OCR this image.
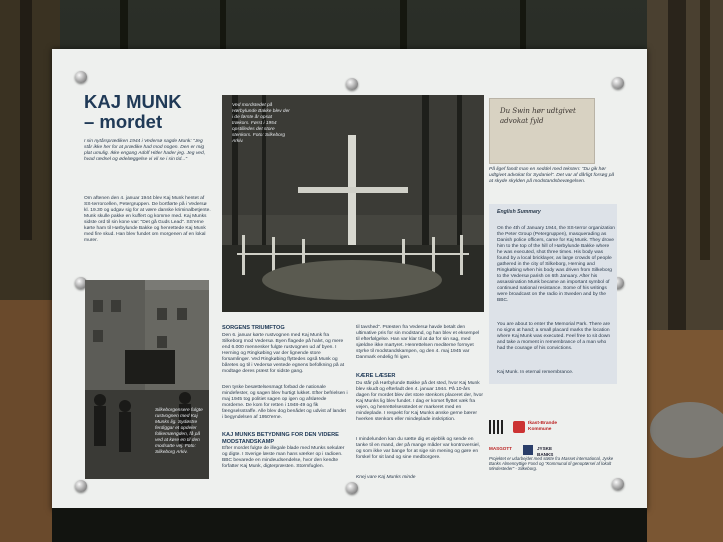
KAJ MUNK
– mordet
I sin nytårsprædiken 1944 i Vedersø sagde Munk: "Jeg står ikke her for at prædike had mod nogen. Den er mig plat umulig. Ikke engang Adolf Hitler hader jeg. Jeg ved, hvad rædsel og ødelæggelse vi vil se i sin tid..."
Om aftenen den 4. januar 1944 blev Kaj Munk hentet af SS-terrorcellen, Petergruppen. De bortførte på i Vedersø kl. 19.30 og udgav sig for at være danske kriminalbetjente. Munk skulle pakke en kuffert og komme med. Kaj Munks sidste ord til sin kone var: "Det gå Guds Lead". SS'erne kørte ham til Hørbylunde Bakke og henrettede Kaj Munk med fire skud. Han blev fundet om morgenen af en lokal murer.
Ved mordstedet på Hørbylunde Bakke blev der i de første år opsat trækors. Først i 1954 opstilledes det store stenkors. Foto: Silkeborg Arkiv.
Du Swin hør udtgivet advokat fyld
På ligef fandt man en seddel med teksten: "Du gik hør udtgivet advokat for Sydaniel". Det var af dårligt forsøg på at skyde skylden på modstandsbevægelsen.
English Summary
On the 4th of January 1944, the SS-terror organization the Peter Group (Petergruppen), masquerading as Danish police officers, came for Kaj Munk. They drove him to the top of the hill of Hørbylunde Bakke where he was executed, shot three times. His body was found by a local bricklayer, as large crowds of people gathered in the city of Silkeborg, Herning and Ringkøbing when his body was driven from Silkeborg to the Vedersø parish on 6th January. After his assassination Munk became an important symbol of continued national resistance. Some of his writings were broadcast on the radio in Sweden and by the BBC.
You are about to enter the Memorial Park. There are no signs at hand; a small placard marks the location where Kaj Munk was executed. Feel free to sit down and take a moment in remembrance of a man who had the courage of his convictions.
Kaj Munk. In eternal remembrance.
Silkeborgensere fulgte rustvognen med Kaj Munks lig. Sydøstre ferdiggar et opdeler folkemængden, få på ved at køre en til den modsatte vej. Foto: Silkeborg Arkiv.
SORGENS TRIUMFTOG
Den 6. januar kørte rustvognen med Kaj Munk fra Silkeborg mod Vedersø. Byen flagede på halvt, og mere end 6.000 mennesker fulgte rustvognen ud af byen. I Herning og Ringkøbing var der lignende store forsamlinger. Ved Ringkøbing flyttedes også Munk og båretes og til i Vedersø ventede egnens befolkning på at modtage deres præst for sidste gang.
Den tyske besættelsesmagt forbød de nationale mindefester, og sagen blev hurtigt lukket. Efter befrielsen i maj 1945 tog politiet sagen op igen og afslørede morderne. De kom for retten i 1948-49 og fik fængselsstraffe. Alle blev dog benådet og udvist af landet i begyndelsen af 1950'erne.
KAJ MUNKS BETYDNING FOR DEN VIDERE MODSTANDSKAMP
Efter mordet fulgte de illegale blade med Munks sekulær og digte. I Sverige læste man hans værker op i radioen. BBC bevarede en mindeudsendelse, hvor den kendte forfatter Kaj Munk, digterpræsten. Stormfuglen.
til tavshed". Præsten fra Vedersø havde betalt den ultimative pris for sin modstand, og han blev et eksempel til efterfølgelse. Han var klar til at dø for sin sag, med sjældne ikke martyret. Henrettelsen mediterne formyet styrke til modstandskampen, og den 4. maj 1945 var Danmark endelig fri igen.
KÆRE LÆSER
Du står på Hørbylunde Bakke på det sted, hvor Kaj Munk blev skudt og efterladt den 4. januar 1944. På 10-års dagen for mordet blev det store stenkors placeret der, hvor Kaj Munks lig blev fundet. I dag er korset flyttet væk fra vejen, og henrettelsesstedet er markeret med en mindeplade. I respekt for Kaj Munks ønske gerne bærer hverken stenkors eller mindeplade inskription.
I mindelunden kan du sætte dig et øjeblik og sende en tanke til en mand, der på mange måder var kontroversiel, og som ikke var bange for at sige sin mening og gøre en forskel for sit land og sine medborgere.
Knej vare Kaj Munks minde
Ikast-Brande Kommune
MASGOTT	JYSKE BANKS
Projektet er udarbejdet med støtte fra Masset international, Jyske Banks Almennyttige Fond og "Kommunal til genoptørsel af lokalt Mindesteder" - Silkeborg.
